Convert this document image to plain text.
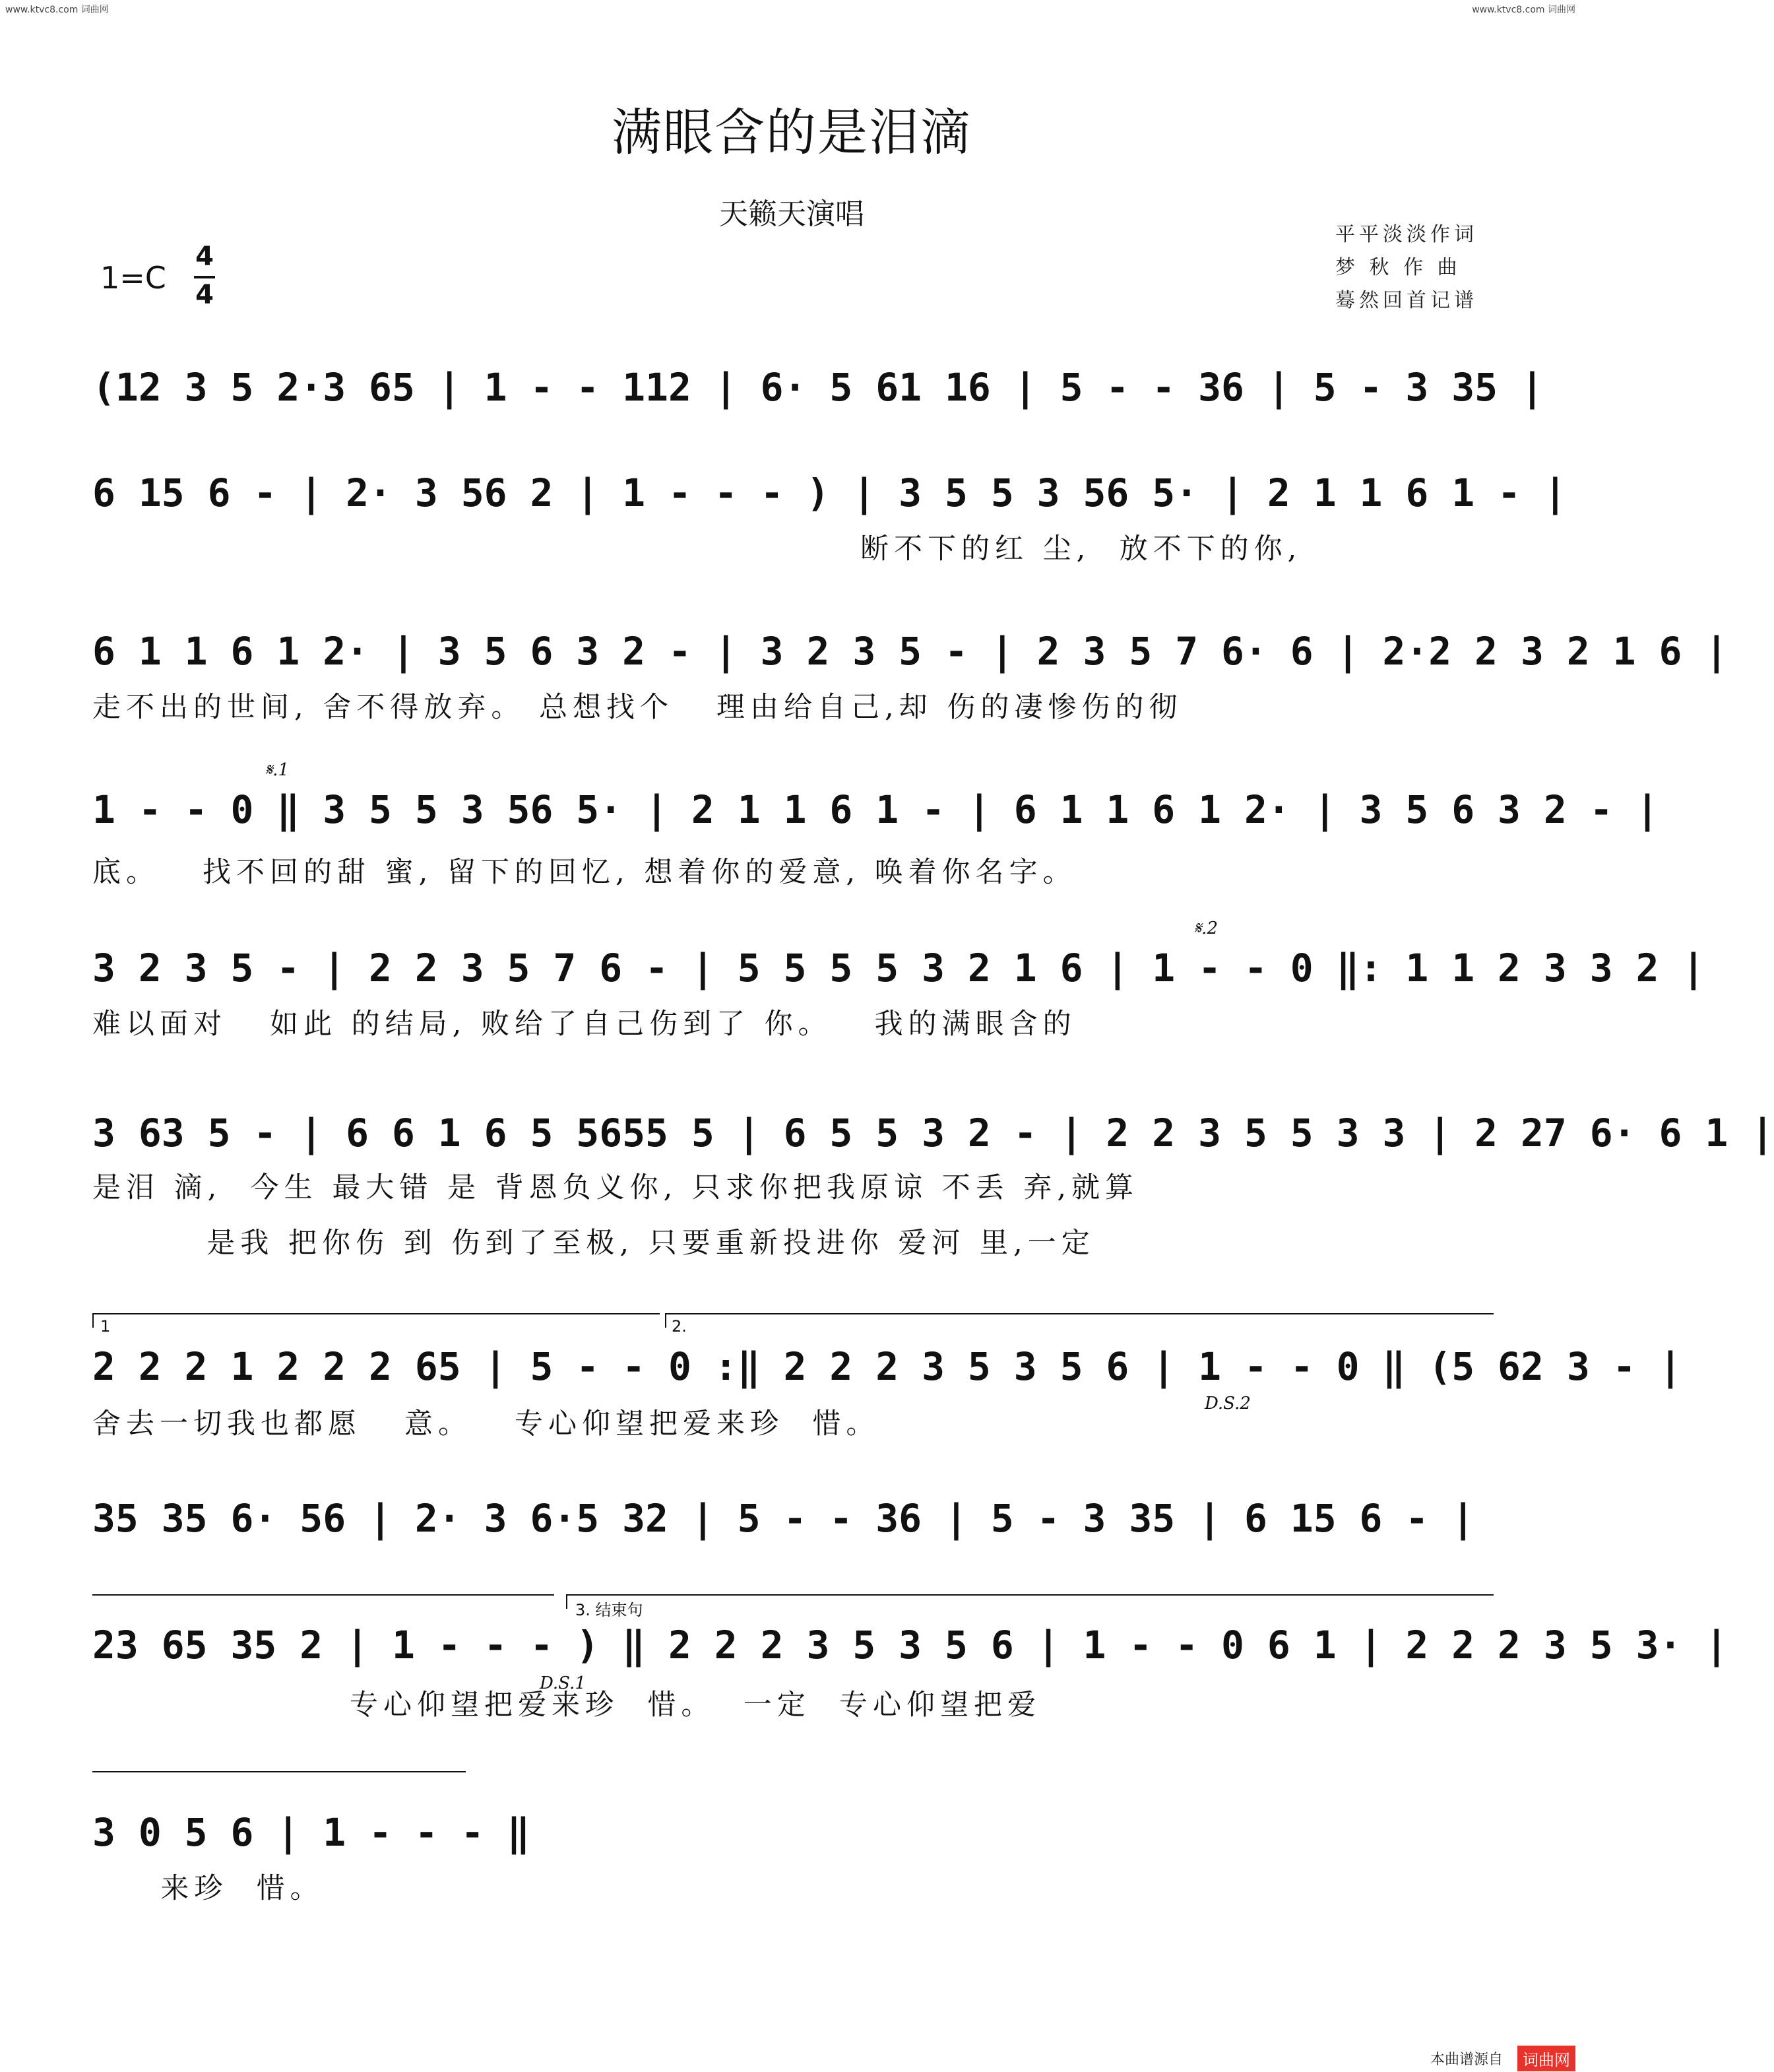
www.ktvc8.com 词曲网	www.ktvc8.com 词曲网
满眼含的是泪滴
天籁天演唱
平平淡淡作词
梦 秋 作 曲
蓦然回首记谱
1=C
4
4
(12 3 5 2·3 65 | 1 - - 112 | 6· 5 61 16 | 5 - - 36 | 5 - 3 35 |
6 15 6 - | 2· 3 56 2 | 1 - - - ) | 3 5 5 3 56 5· | 2 1 1 6 1 - |
断不下的红 尘,  放不下的你,
6 1 1 6 1 2· | 3 5 6 3 2 - | 3 2 3 5 - | 2 3 5 7 6· 6 | 2·2 2 3 2 1 6 |
走不出的世间, 舍不得放弃。 总想找个   理由给自己,却 伤的凄惨伤的彻
𝄋.1
1 - - 0 ‖ 3 5 5 3 56 5· | 2 1 1 6 1 - | 6 1 1 6 1 2· | 3 5 6 3 2 - |
底。   找不回的甜 蜜, 留下的回忆, 想着你的爱意, 唤着你名字。
𝄋.2
3 2 3 5 - | 2 2 3 5 7 6 - | 5 5 5 5 3 2 1 6 | 1 - - 0 ‖: 1 1 2 3 3 2 |
难以面对   如此 的结局, 败给了自己伤到了 你。   我的满眼含的
3 63 5 - | 6 6 1 6 5 5655 5 | 6 5 5 3 2 - | 2 2 3 5 5 3 3 | 2 27 6· 6 1 |
是泪 滴,  今生 最大错 是 背恩负义你, 只求你把我原谅 不丢 弃,就算
是我 把你伤 到 伤到了至极, 只要重新投进你 爱河 里,一定
1	2.
2 2 2 1 2 2 2 65 | 5 - - 0 :‖ 2 2 2 3 5 3 5 6 | 1 - - 0 ‖ (5 62 3 - |
D.S.2
舍去一切我也都愿   意。   专心仰望把爱来珍  惜。
35 35 6· 56 | 2· 3 6·5 32 | 5 - - 36 | 5 - 3 35 | 6 15 6 - |
3. 结束句
23 65 35 2 | 1 - - - ) ‖ 2 2 2 3 5 3 5 6 | 1 - - 0 6 1 | 2 2 2 3 5 3· |
D.S.1
专心仰望把爱来珍  惜。  一定  专心仰望把爱
3 0 5 6 | 1 - - - ‖
来珍  惜。
本曲谱源自	词曲网
